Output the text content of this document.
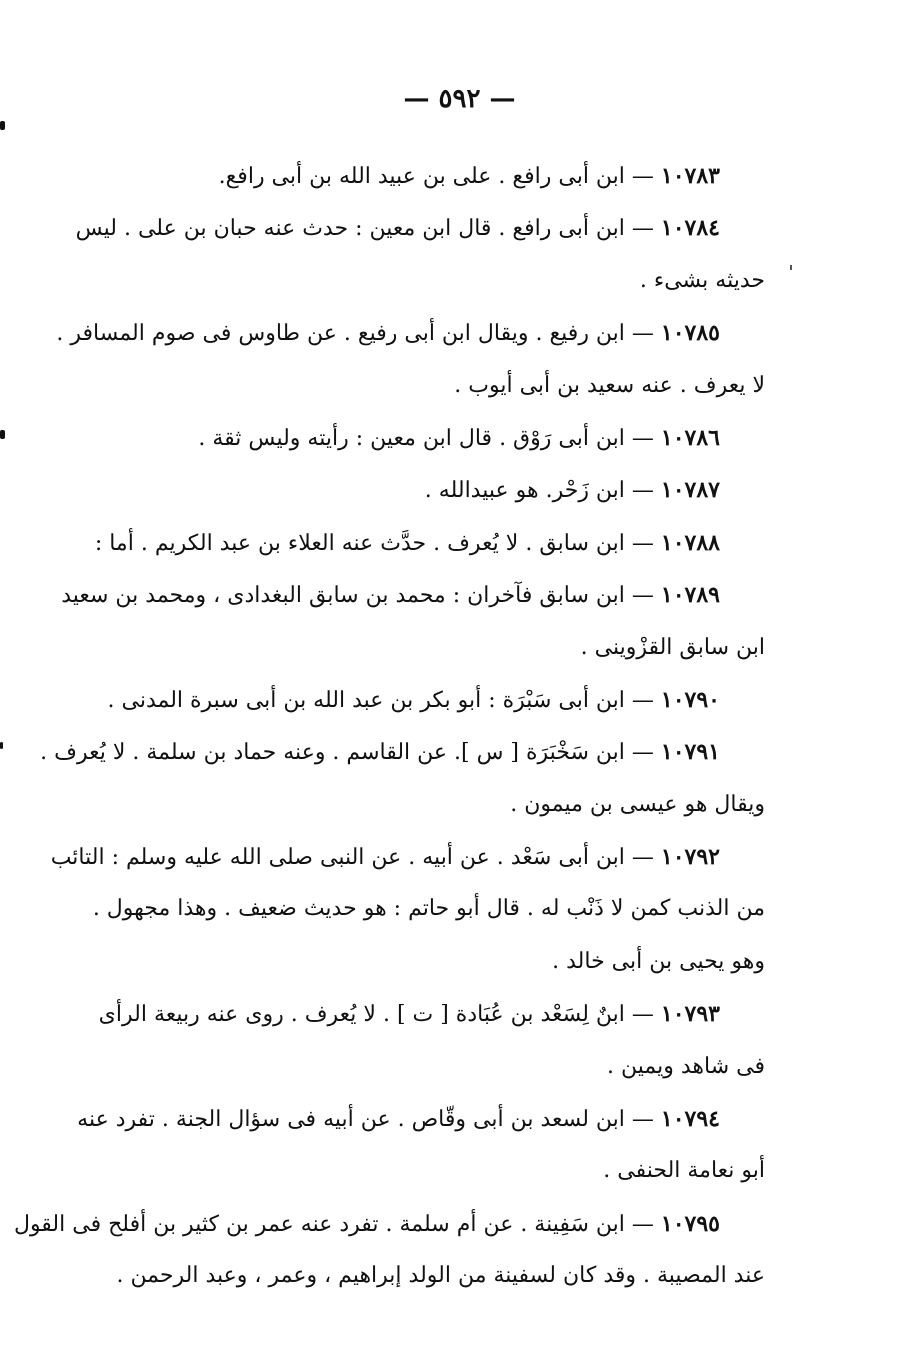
— ٥٩٢ —
١٠٧٨٣ — ابن أبى رافع . على بن عبيد الله بن أبى رافع.
١٠٧٨٤ — ابن أبى رافع . قال ابن معين : حدث عنه حبان بن على . ليس
حديثه بشىء .
١٠٧٨٥ — ابن رفيع . ويقال ابن أبى رفيع . عن طاوس فى صوم المسافر .
لا يعرف . عنه سعيد بن أبى أيوب .
١٠٧٨٦ — ابن أبى رَوْق . قال ابن معين : رأيته وليس ثقة .
١٠٧٨٧ — ابن زَحْر. هو عبيدالله .
١٠٧٨٨ — ابن سابق . لا يُعرف . حدَّث عنه العلاء بن عبد الكريم . أما :
١٠٧٨٩ — ابن سابق فآخران : محمد بن سابق البغدادى ، ومحمد بن سعيد
ابن سابق القزْوينى .
١٠٧٩٠ — ابن أبى سَبْرَة : أبو بكر بن عبد الله بن أبى سبرة المدنى .
١٠٧٩١ — ابن سَخْبَرَة [ س ]. عن القاسم . وعنه حماد بن سلمة . لا يُعرف .
ويقال هو عيسى بن ميمون .
١٠٧٩٢ — ابن أبى سَعْد . عن أبيه . عن النبى صلى الله عليه وسلم : التائب
من الذنب كمن لا ذَنْب له . قال أبو حاتم : هو حديث ضعيف . وهذا مجهول .
وهو يحيى بن أبى خالد .
١٠٧٩٣ — ابنٌ لِسَعْد بن عُبَادة [ ت ] . لا يُعرف . روى عنه ربيعة الرأى
فى شاهد ويمين .
١٠٧٩٤ — ابن لسعد بن أبى وقّاص . عن أبيه فى سؤال الجنة . تفرد عنه
أبو نعامة الحنفى .
١٠٧٩٥ — ابن سَفِينة . عن أم سلمة . تفرد عنه عمر بن كثير بن أفلح فى القول
عند المصيبة . وقد كان لسفينة من الولد إبراهيم ، وعمر ، وعبد الرحمن .
